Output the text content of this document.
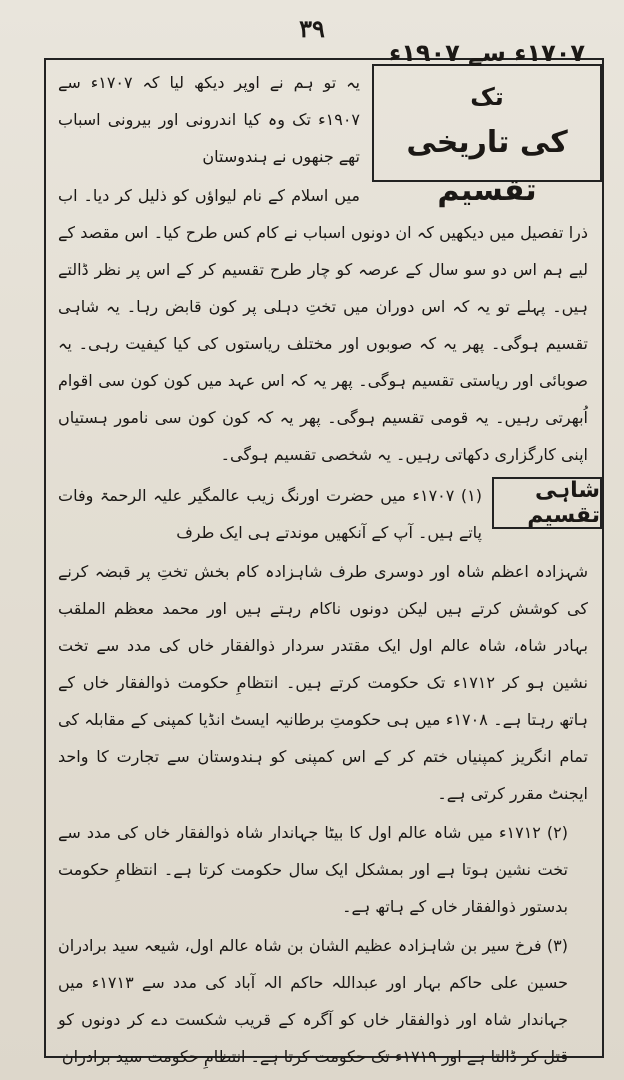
۳۹
۱۷۰۷ء سے ۱۹۰۷ء تک
کی تاریخی تقسیم

یہ تو ہم نے اوپر دیکھ لیا کہ ۱۷۰۷ء سے ۱۹۰۷ء تک وہ کیا اندرونی اور بیرونی اسباب تھے جنھوں نے ہندوستان

میں اسلام کے نام لیواؤں کو ذلیل کر دیا۔ اب ذرا تفصیل میں دیکھیں کہ ان دونوں اسباب نے کام کس طرح کیا۔ اس مقصد کے لیے ہم اس دو سو سال کے عرصہ کو چار طرح تقسیم کر کے اس پر نظر ڈالتے ہیں۔ پہلے تو یہ کہ اس دوران میں تختِ دہلی پر کون قابض رہا۔ یہ شاہی تقسیم ہوگی۔ پھر یہ کہ صوبوں اور مختلف ریاستوں کی کیا کیفیت رہی۔ یہ صوبائی اور ریاستی تقسیم ہوگی۔ پھر یہ کہ اس عہد میں کون کون سی اقوام اُبھرتی رہیں۔ یہ قومی تقسیم ہوگی۔ پھر یہ کہ کون کون سی نامور ہستیاں اپنی کارگزاری دکھاتی رہیں۔ یہ شخصی تقسیم ہوگی۔

شاہی تقسیم

(۱) ۱۷۰۷ء میں حضرت اورنگ زیب عالمگیر علیہ الرحمۃ وفات پاتے ہیں۔ آپ کے آنکھیں موندتے ہی ایک طرف

شہزادہ اعظم شاہ اور دوسری طرف شاہزادہ کام بخش تختِ پر قبضہ کرنے کی کوشش کرتے ہیں لیکن دونوں ناکام رہتے ہیں اور محمد معظم الملقب بہادر شاہ، شاہ عالم اول ایک مقتدر سردار ذوالفقار خاں کی مدد سے تخت نشین ہو کر ۱۷۱۲ء تک حکومت کرتے ہیں۔ انتظامِ حکومت ذوالفقار خاں کے ہاتھ رہتا ہے۔ ۱۷۰۸ء میں ہی حکومتِ برطانیہ ایسٹ انڈیا کمپنی کے مقابلہ کی تمام انگریز کمپنیاں ختم کر کے اس کمپنی کو ہندوستان سے تجارت کا واحد ایجنٹ مقرر کرتی ہے۔

(۲) ۱۷۱۲ء میں شاہ عالم اول کا بیٹا جہاندار شاہ ذوالفقار خاں کی مدد سے تخت نشین ہوتا ہے اور بمشکل ایک سال حکومت کرتا ہے۔ انتظامِ حکومت بدستور ذوالفقار خاں کے ہاتھ ہے۔

(۳) فرخ سیر بن شاہزادہ عظیم الشان بن شاہ عالم اول، شیعہ سید برادران حسین علی حاکم بہار اور عبداللہ حاکم الہ آباد کی مدد سے ۱۷۱۳ء میں جہاندار شاہ اور ذوالفقار خاں کو آگرہ کے قریب شکست دے کر دونوں کو قتل کر ڈالتا ہے اور ۱۷۱۹ء تک حکومت کرتا ہے۔ انتظامِ حکومت سید برادران
